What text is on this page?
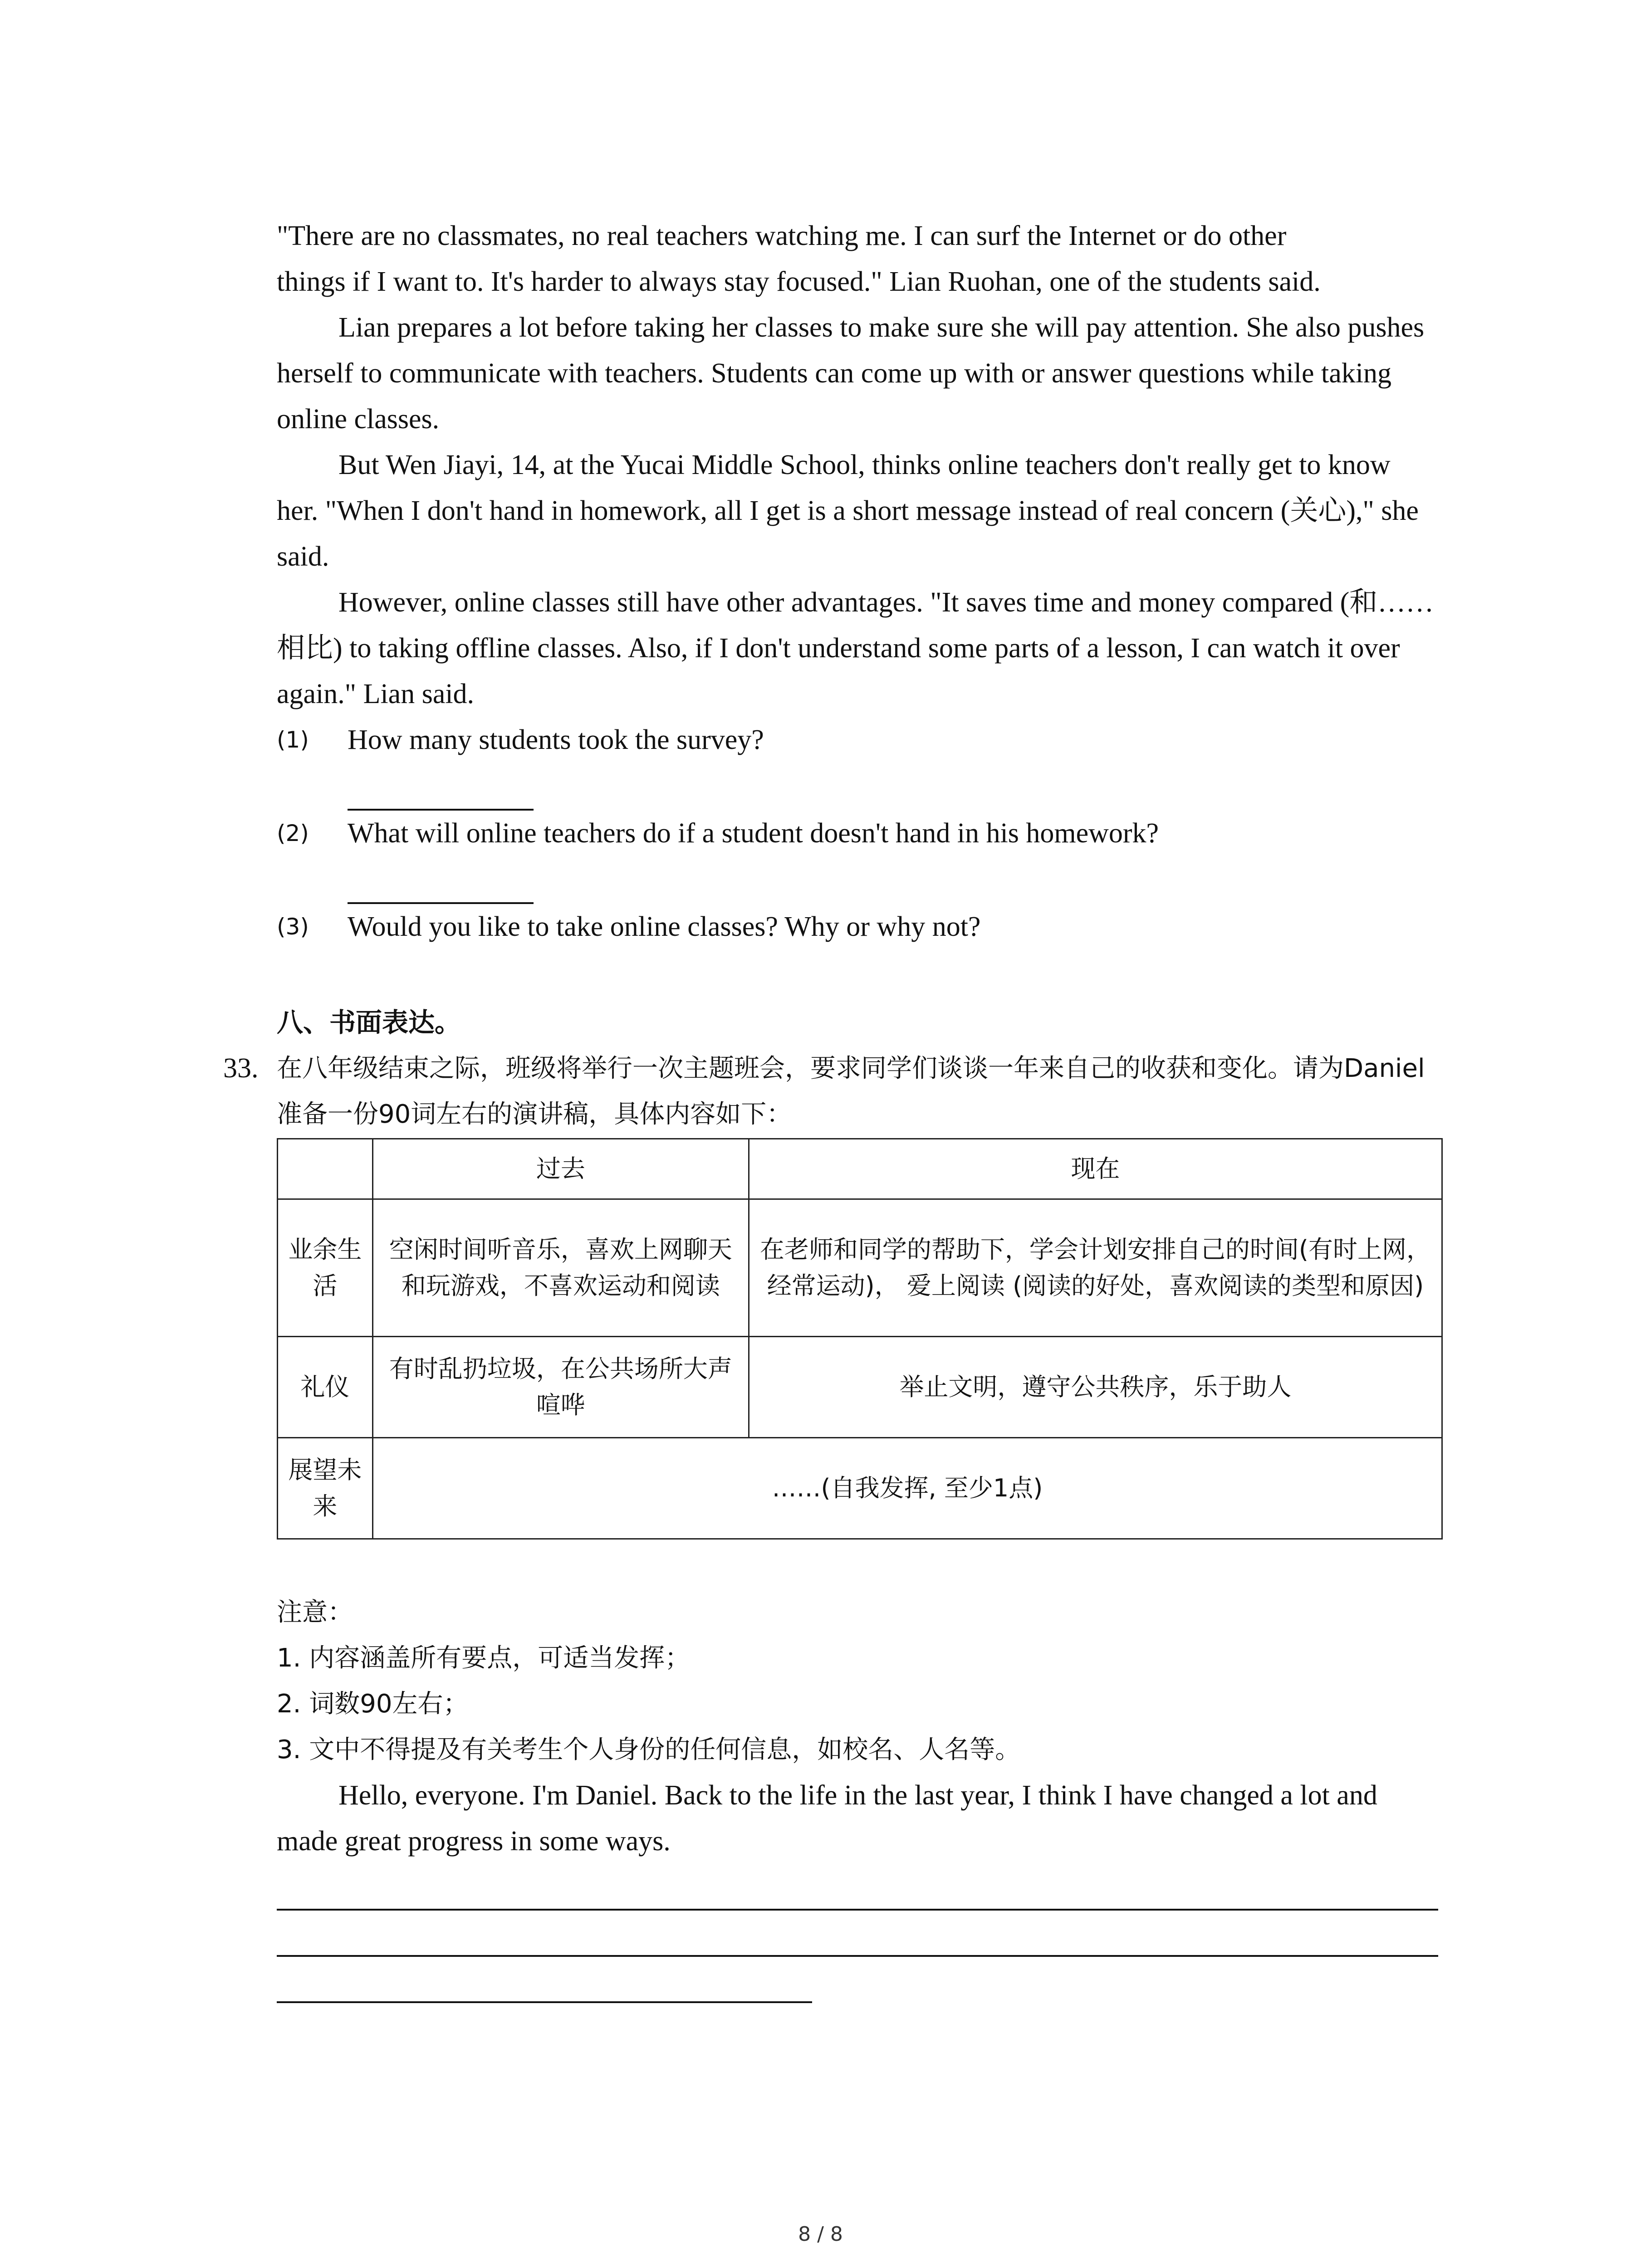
"There are no classmates, no real teachers watching me. I can surf the Internet or do other

things if I want to. It's harder to always stay focused." Lian Ruohan, one of the students said.

Lian prepares a lot before taking her classes to make sure she will pay attention. She also pushes herself to communicate with teachers. Students can come up with or answer questions while taking online classes.

But Wen Jiayi, 14, at the Yucai Middle School, thinks online teachers don't really get to know her. "When I don't hand in homework, all I get is a short message instead of real concern (关心)," she said.

However, online classes still have other advantages. "It saves time and money compared (和……相比) to taking offline classes. Also, if I don't understand some parts of a lesson, I can watch it over again." Lian said.

(1) How many students took the survey?
(2) What will online teachers do if a student doesn't hand in his homework?
(3) Would you like to take online classes? Why or why not?
八、书面表达。
33. 在八年级结束之际，班级将举行一次主题班会，要求同学们谈谈一年来自己的收获和变化。请为Daniel准备一份90词左右的演讲稿，具体内容如下：

	过去	现在
业余生活	空闲时间听音乐，喜欢上网聊天和玩游戏，不喜欢运动和阅读	在老师和同学的帮助下，学会计划安排自己的时间(有时上网，经常运动)， 爱上阅读 (阅读的好处，喜欢阅读的类型和原因)
礼仪	有时乱扔垃圾，在公共场所大声喧哗	举止文明，遵守公共秩序，乐于助人
展望未来	……(自我发挥, 至少1点)	

注意：

1. 内容涵盖所有要点，可适当发挥；

2. 词数90左右；

3. 文中不得提及有关考生个人身份的任何信息，如校名、人名等。

Hello, everyone. I'm Daniel. Back to the life in the last year, I think I have changed a lot and made great progress in some ways.

8 / 8
